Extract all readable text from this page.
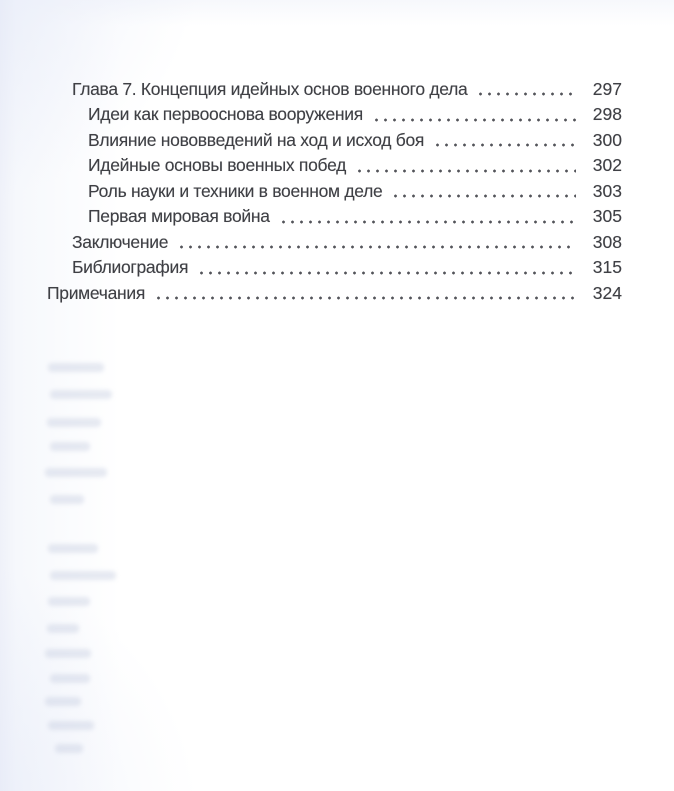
Глава 7. Концепция идейных основ военного дела	297
Идеи как первооснова вооружения	298
Влияние нововведений на ход и исход боя	300
Идейные основы военных побед	302
Роль науки и техники в военном деле	303
Первая мировая война	305
Заключение	308
Библиография	315
Примечания	324
